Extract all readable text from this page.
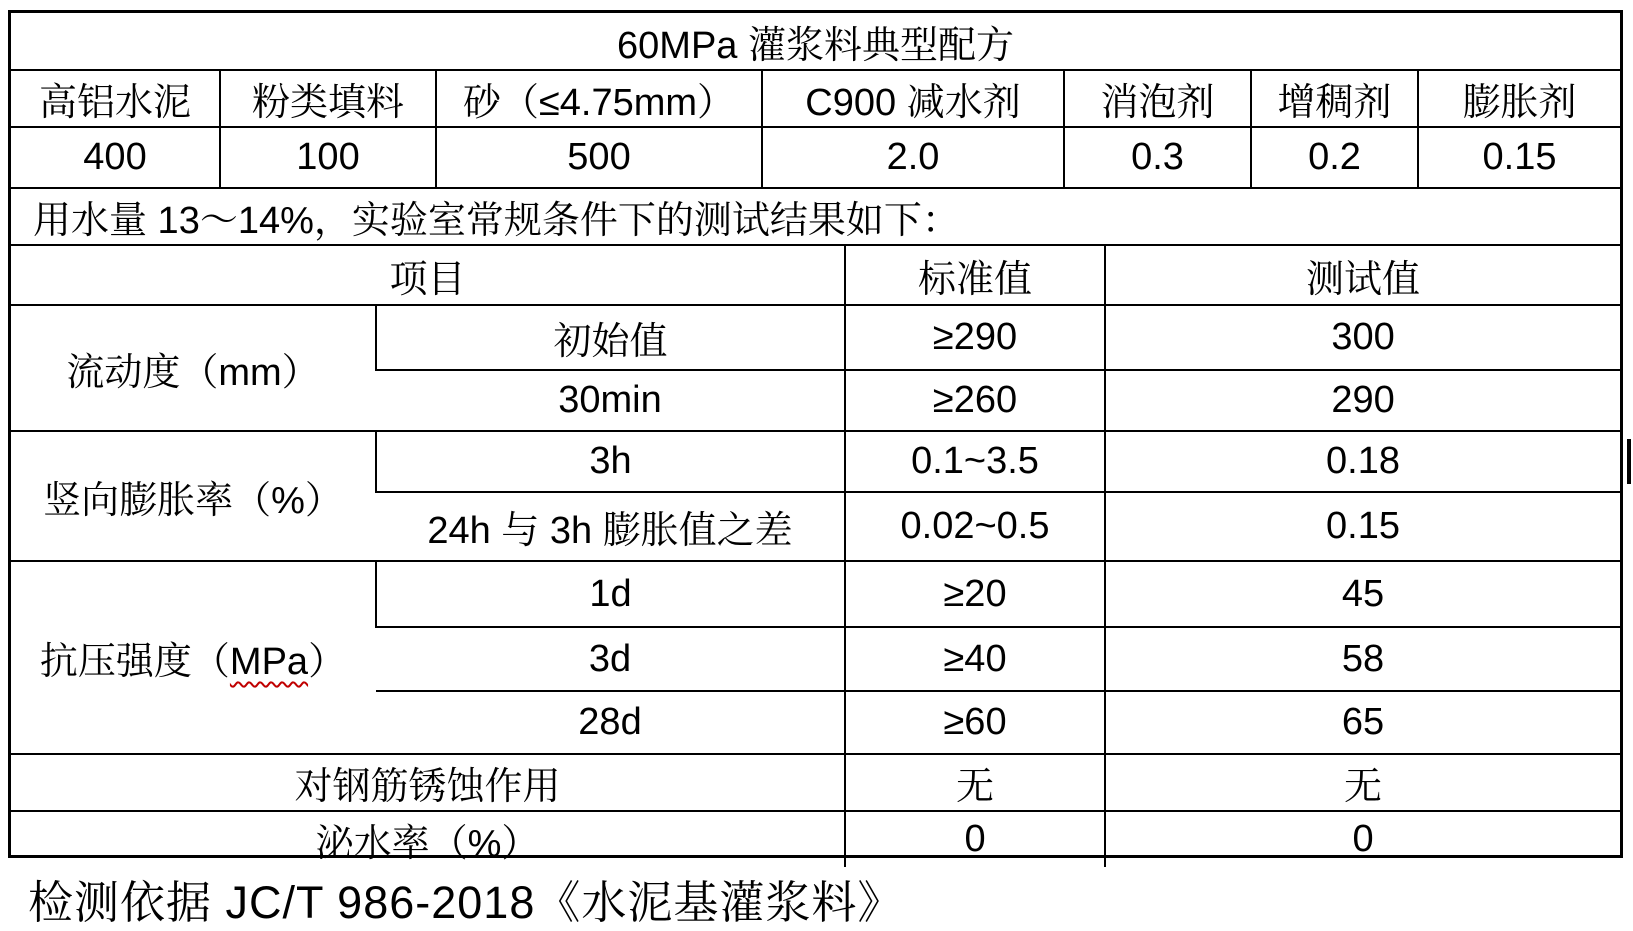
60MPa 灌浆料典型配方						
高铝水泥	粉类填料	砂（≤4.75mm）	C900 减水剂	消泡剂	增稠剂	膨胀剂
400	100	500	2.0	0.3	0.2	0.15
用水量 13～14%，实验室常规条件下的测试结果如下：
项目		标准值	测试值
流动度（mm）	初始值	≥290	300
	30min	≥260	290
竖向膨胀率（%）	3h	0.1~3.5	0.18
	24h 与 3h 膨胀值之差	0.02~0.5	0.15
抗压强度（MPa）	1d	≥20	45
	3d	≥40	58
	28d	≥60	65
对钢筋锈蚀作用		无	无
泌水率（%）		0	0
检测依据 JC/T 986-2018《水泥基灌浆料》
